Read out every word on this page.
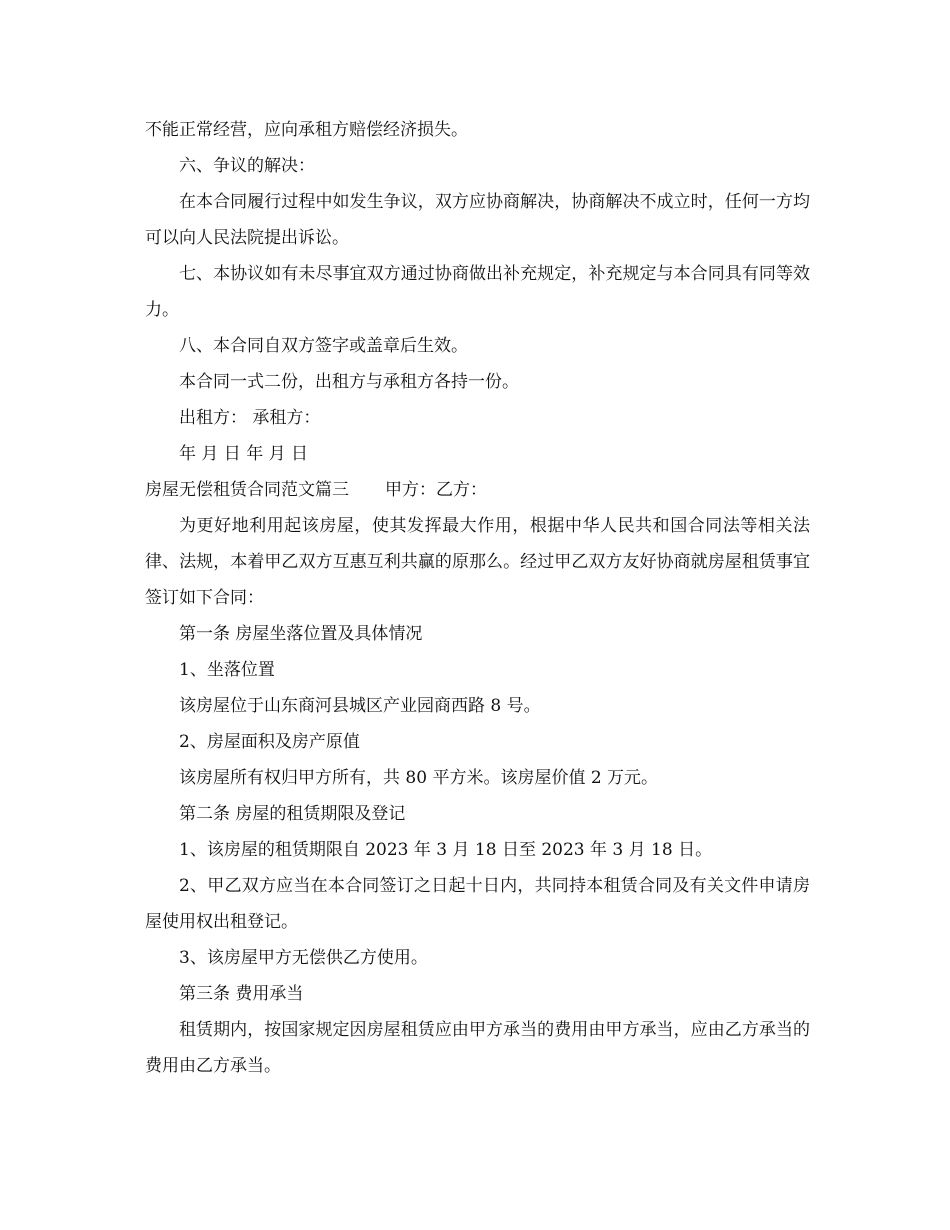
不能正常经营，应向承租方赔偿经济损失。

六、争议的解决：

在本合同履行过程中如发生争议，双方应协商解决，协商解决不成立时，任何一方均可以向人民法院提出诉讼。

七、本协议如有未尽事宜双方通过协商做出补充规定，补充规定与本合同具有同等效力。

八、本合同自双方签字或盖章后生效。

本合同一式二份，出租方与承租方各持一份。

出租方： 承租方：

年 月 日 年 月 日

房屋无偿租赁合同范文篇三 甲方：乙方：

为更好地利用起该房屋，使其发挥最大作用，根据中华人民共和国合同法等相关法律、法规，本着甲乙双方互惠互利共赢的原那么。经过甲乙双方友好协商就房屋租赁事宜签订如下合同：

第一条 房屋坐落位置及具体情况

1、坐落位置

该房屋位于山东商河县城区产业园商西路 8 号。

2、房屋面积及房产原值

该房屋所有权归甲方所有，共 80 平方米。该房屋价值 2 万元。

第二条 房屋的租赁期限及登记

1、该房屋的租赁期限自 2023 年 3 月 18 日至 2023 年 3 月 18 日。

2、甲乙双方应当在本合同签订之日起十日内，共同持本租赁合同及有关文件申请房屋使用权出租登记。

3、该房屋甲方无偿供乙方使用。

第三条 费用承当

租赁期内，按国家规定因房屋租赁应由甲方承当的费用由甲方承当，应由乙方承当的费用由乙方承当。
